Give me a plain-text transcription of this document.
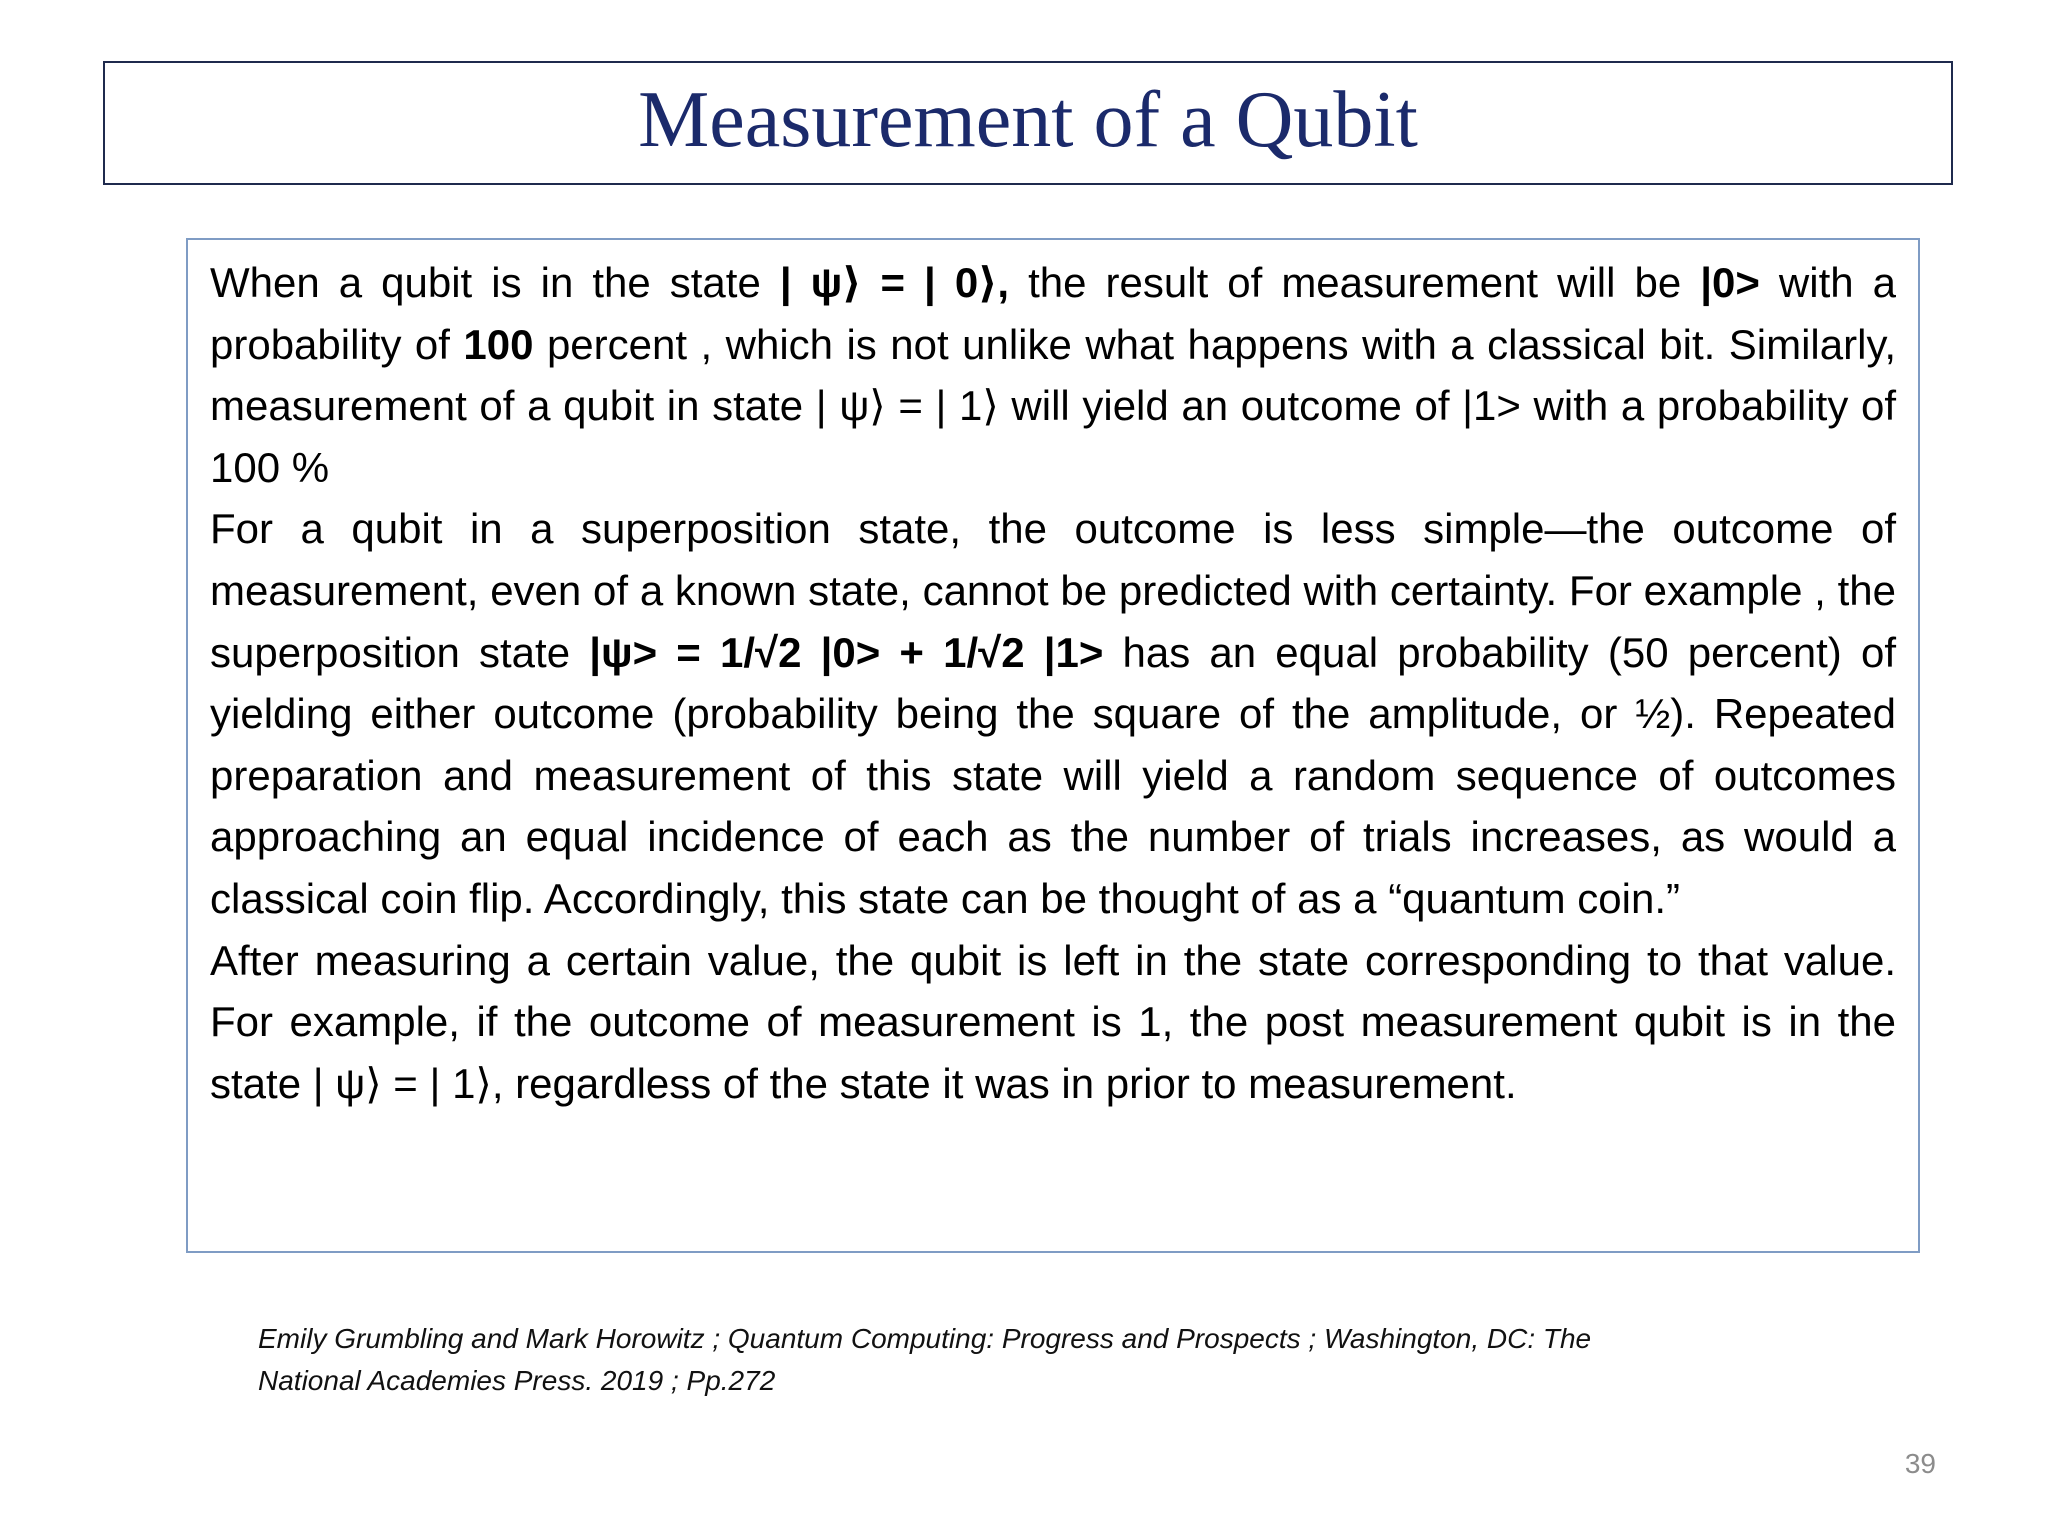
Measurement of a Qubit

When a qubit is in the state | ψ⟩ = | 0⟩, the result of measurement will be |0> with a probability of 100 percent , which is not unlike what happens with a classical bit. Similarly, measurement of a qubit in state | ψ⟩ = | 1⟩ will yield an outcome of |1> with a probability of 100 %

For a qubit in a superposition state, the outcome is less simple—the outcome of measurement, even of a known state, cannot be predicted with certainty. For example , the superposition state |ψ> = 1/√2 |0> + 1/√2 |1> has an equal probability (50 percent) of yielding either outcome (probability being the square of the amplitude, or ½). Repeated preparation and measurement of this state will yield a random sequence of outcomes approaching an equal incidence of each as the number of trials increases, as would a classical coin flip. Accordingly, this state can be thought of as a “quantum coin.”

After measuring a certain value, the qubit is left in the state corresponding to that value. For example, if the outcome of measurement is 1, the post measurement qubit is in the state | ψ⟩ = | 1⟩, regardless of the state it was in prior to measurement.

Emily Grumbling and Mark Horowitz ; Quantum Computing: Progress and Prospects ; Washington, DC: The
National Academies Press. 2019 ; Pp.272

39
